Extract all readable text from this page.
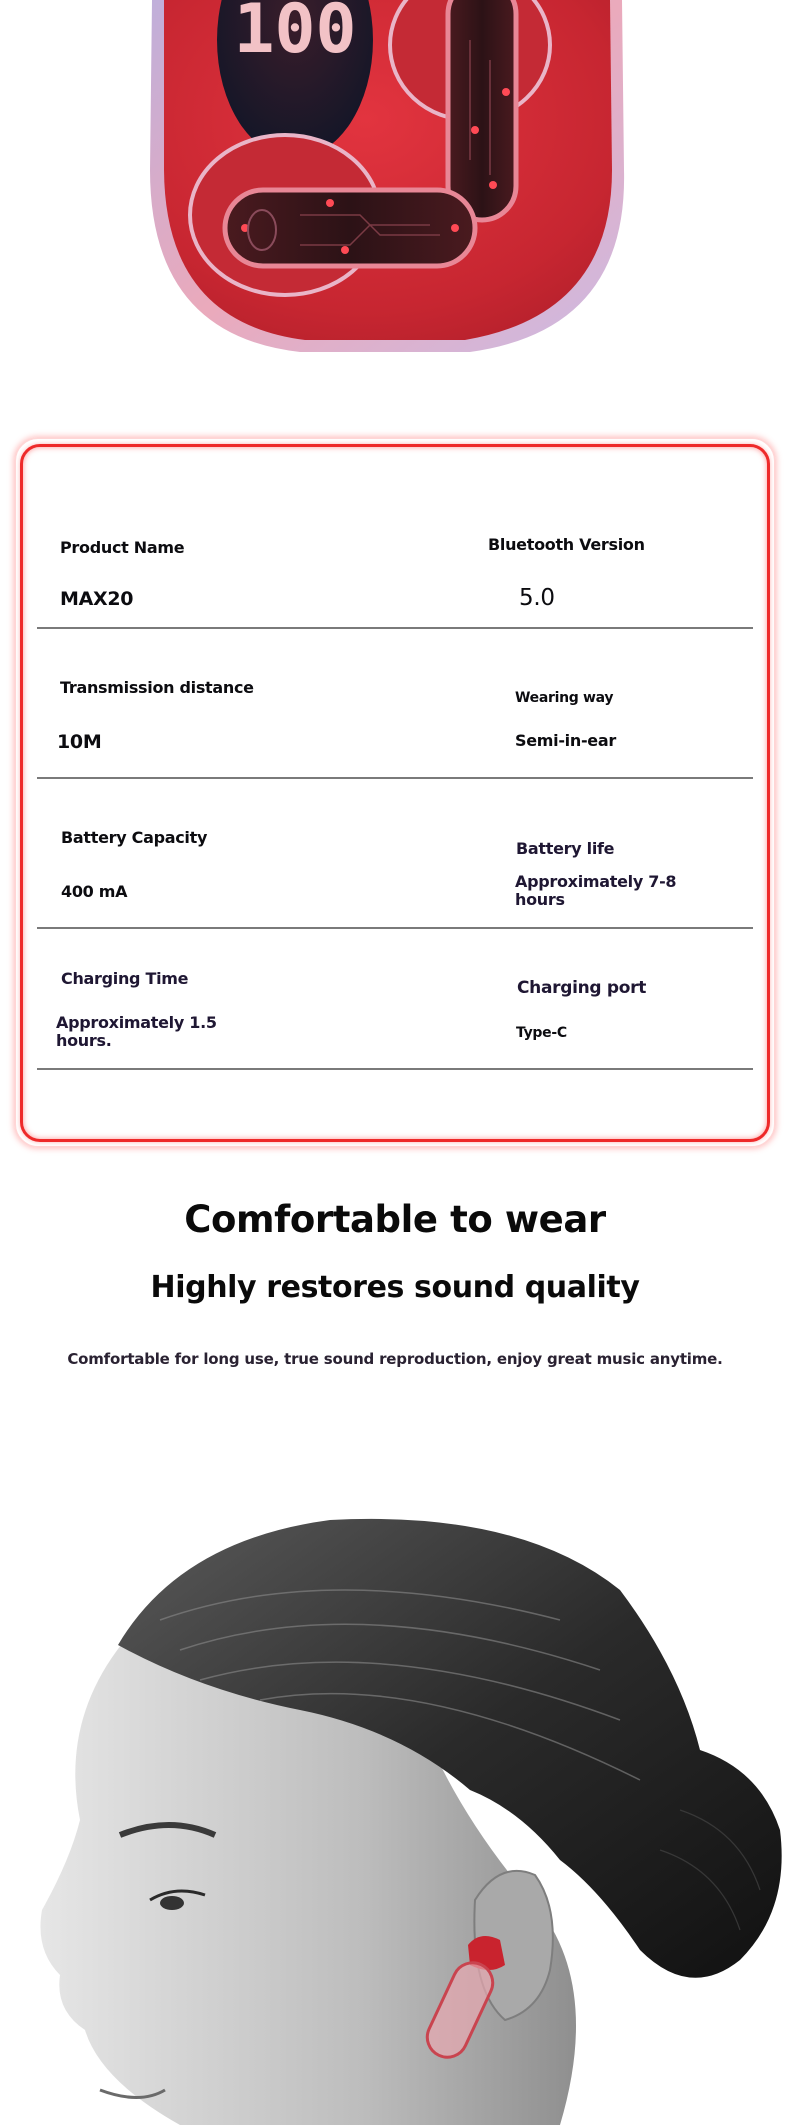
100
Product Name
MAX20
Bluetooth Version
5.0
Transmission distance
10M
Wearing way
Semi-in-ear
Battery Capacity
400 mA
Battery life
Approximately 7-8
hours
Charging Time
Approximately 1.5
hours.
Charging port
Type-C
Comfortable to wear
Highly restores sound quality
Comfortable for long use, true sound reproduction, enjoy great music anytime.
